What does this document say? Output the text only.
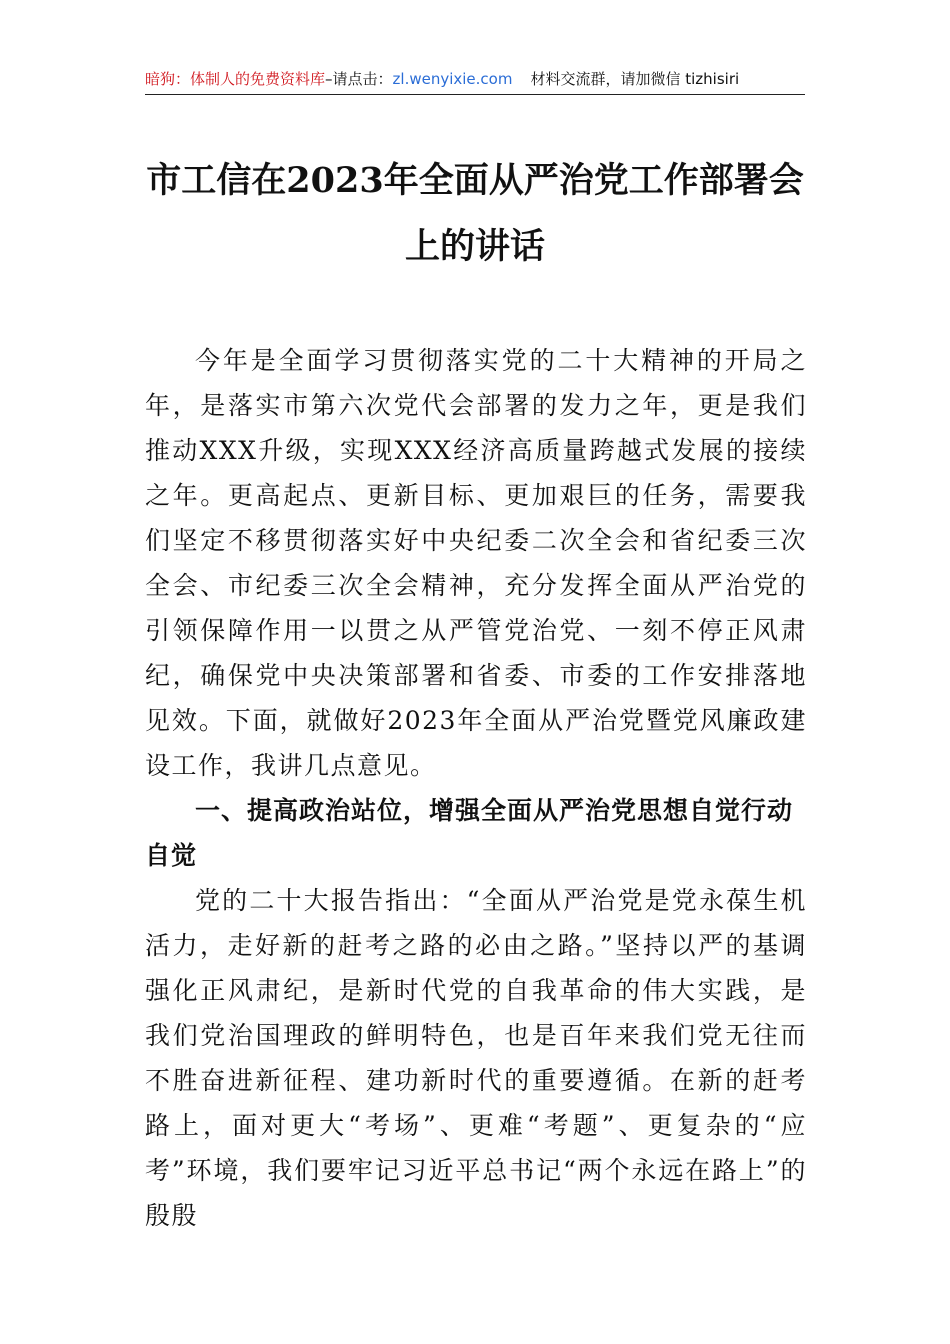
暗狗：体制人的免费资料库–请点击：zl.wenyixie.com 材料交流群，请加微信 tizhisiri
市工信在2023年全面从严治党工作部署会上的讲话

今年是全面学习贯彻落实党的二十大精神的开局之年，是落实市第六次党代会部署的发力之年，更是我们推动XXX升级，实现XXX经济高质量跨越式发展的接续之年。更高起点、更新目标、更加艰巨的任务，需要我们坚定不移贯彻落实好中央纪委二次全会和省纪委三次全会、市纪委三次全会精神，充分发挥全面从严治党的引领保障作用一以贯之从严管党治党、一刻不停正风肃纪，确保党中央决策部署和省委、市委的工作安排落地见效。下面，就做好2023年全面从严治党暨党风廉政建设工作，我讲几点意见。

一、提高政治站位，增强全面从严治党思想自觉行动自觉

党的二十大报告指出：“全面从严治党是党永葆生机活力，走好新的赶考之路的必由之路。”坚持以严的基调强化正风肃纪，是新时代党的自我革命的伟大实践，是我们党治国理政的鲜明特色，也是百年来我们党无往而不胜奋进新征程、建功新时代的重要遵循。在新的赶考路上，面对更大“考场”、更难“考题”、更复杂的“应考”环境，我们要牢记习近平总书记“两个永远在路上”的殷殷
